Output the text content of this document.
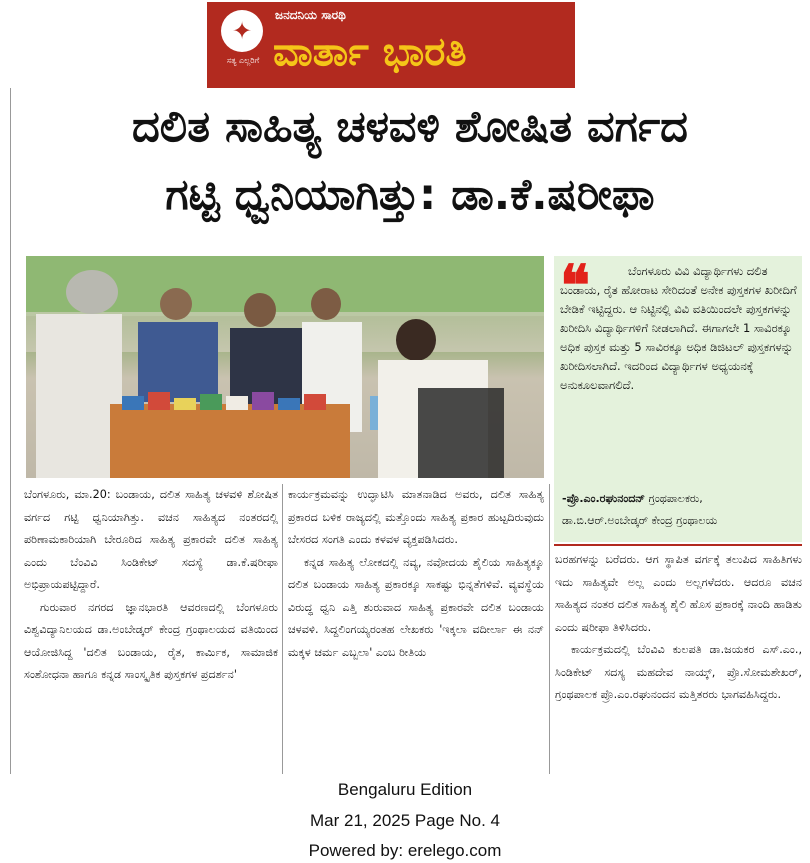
✦
ಸತ್ಯ ಎಲ್ಲರಿಗೆ
ಜನದನಿಯ ಸಾರಥಿ
ವಾರ್ತಾ ಭಾರತಿ
ದಲಿತ ಸಾಹಿತ್ಯ ಚಳವಳಿ ಶೋಷಿತ ವರ್ಗದ
ಗಟ್ಟಿ ಧ್ವನಿಯಾಗಿತ್ತು: ಡಾ.ಕೆ.ಷರೀಫಾ
❝	ಬೆಂಗಳೂರು ವಿವಿ ವಿದ್ಯಾರ್ಥಿಗಳು ದಲಿತ ಬಂಡಾಯ, ರೈತ ಹೋರಾಟ ಸೇರಿದಂತೆ ಅನೇಕ ಪುಸ್ತಕಗಳ ಖರೀದಿಗೆ ಬೇಡಿಕೆ ಇಟ್ಟಿದ್ದರು. ಆ ನಿಟ್ಟಿನಲ್ಲಿ ವಿವಿ ವತಿಯಿಂದಲೇ ಪುಸ್ತಕಗಳನ್ನು ಖರೀದಿಸಿ ವಿದ್ಯಾರ್ಥಿಗಳಿಗೆ ನೀಡಲಾಗಿದೆ. ಈಗಾಗಲೇ 1 ಸಾವಿರಕ್ಕೂ ಅಧಿಕ ಪುಸ್ತಕ ಮತ್ತು 5 ಸಾವಿರಕ್ಕೂ ಅಧಿಕ ಡಿಜಿಟಲ್ ಪುಸ್ತಕಗಳನ್ನು ಖರೀದಿಸಲಾಗಿದೆ. ಇದರಿಂದ ವಿದ್ಯಾರ್ಥಿಗಳ ಅಧ್ಯಯನಕ್ಕೆ ಅನುಕೂಲವಾಗಲಿದೆ.
-ಪ್ರೊ.ಎಂ.ರಘುನಂದನ್ ಗ್ರಂಥಪಾಲಕರು,
ಡಾ.ಬಿ.ಆರ್.ಅಂಬೇಡ್ಕರ್ ಕೇಂದ್ರ ಗ್ರಂಥಾಲಯ

ಬೆಂಗಳೂರು, ಮಾ.20: ಬಂಡಾಯ, ದಲಿತ ಸಾಹಿತ್ಯ ಚಳವಳಿ ಶೋಷಿತ ವರ್ಗದ ಗಟ್ಟಿ ಧ್ವನಿಯಾಗಿತ್ತು. ವಚನ ಸಾಹಿತ್ಯದ ನಂತರದಲ್ಲಿ ಪರಿಣಾಮಕಾರಿಯಾಗಿ ಬೇರೂರಿದ ಸಾಹಿತ್ಯ ಪ್ರಕಾರವೇ ದಲಿತ ಸಾಹಿತ್ಯ ಎಂದು ಬೆಂವಿವಿ ಸಿಂಡಿಕೇಟ್ ಸದಸ್ಯೆ ಡಾ.ಕೆ.ಷರೀಫಾ ಅಭಿಪ್ರಾಯಪಟ್ಟಿದ್ದಾರೆ.

ಗುರುವಾರ ನಗರದ ಜ್ಞಾನಭಾರತಿ ಆವರಣದಲ್ಲಿ ಬೆಂಗಳೂರು ವಿಶ್ವವಿದ್ಯಾನಿಲಯದ ಡಾ.ಅಂಬೇಡ್ಕರ್ ಕೇಂದ್ರ ಗ್ರಂಥಾಲಯದ ವತಿಯಿಂದ ಆಯೋಜಿಸಿದ್ದ 'ದಲಿತ ಬಂಡಾಯ, ರೈತ, ಕಾರ್ಮಿಕ, ಸಾಮಾಜಿಕ ಸಂಶೋಧನಾ ಹಾಗೂ ಕನ್ನಡ ಸಾಂಸ್ಕೃತಿಕ ಪುಸ್ತಕಗಳ ಪ್ರದರ್ಶನ'

ಕಾರ್ಯಕ್ರಮವನ್ನು ಉದ್ಘಾಟಿಸಿ ಮಾತನಾಡಿದ ಅವರು, ದಲಿತ ಸಾಹಿತ್ಯ ಪ್ರಕಾರದ ಬಳಿಕ ರಾಜ್ಯದಲ್ಲಿ ಮತ್ತೊಂದು ಸಾಹಿತ್ಯ ಪ್ರಕಾರ ಹುಟ್ಟದಿರುವುದು ಬೇಸರದ ಸಂಗತಿ ಎಂದು ಕಳವಳ ವ್ಯಕ್ತಪಡಿಸಿದರು.

ಕನ್ನಡ ಸಾಹಿತ್ಯ ಲೋಕದಲ್ಲಿ ನವ್ಯ, ನವೋದಯ ಶೈಲಿಯ ಸಾಹಿತ್ಯಕ್ಕೂ ದಲಿತ ಬಂಡಾಯ ಸಾಹಿತ್ಯ ಪ್ರಕಾರಕ್ಕೂ ಸಾಕಷ್ಟು ಭಿನ್ನತೆಗಳಿವೆ. ವ್ಯವಸ್ಥೆಯ ವಿರುದ್ಧ ಧ್ವನಿ ಎತ್ತಿ ಶುರುವಾದ ಸಾಹಿತ್ಯ ಪ್ರಕಾರವೇ ದಲಿತ ಬಂಡಾಯ ಚಳವಳಿ. ಸಿದ್ದಲಿಂಗಯ್ಯರಂತಹ ಲೇಖಕರು 'ಇಕ್ಕಲಾ ವದೀರ್ಲಾ ಈ ನನ್ ಮಕ್ಕಳ ಚರ್ಮ ಎಬ್ಬಲಾ' ಎಂಬ ರೀತಿಯ

ಬರಹಗಳನ್ನು ಬರೆದರು. ಆಗ ಸ್ಥಾಪಿತ ವರ್ಗಕ್ಕೆ ತಲುಪಿದ ಸಾಹಿತಿಗಳು ಇದು ಸಾಹಿತ್ಯವೇ ಅಲ್ಲ ಎಂದು ಅಲ್ಲಗಳೆದರು. ಆದರೂ ವಚನ ಸಾಹಿತ್ಯದ ನಂತರ ದಲಿತ ಸಾಹಿತ್ಯ ಶೈಲಿ ಹೊಸ ಪ್ರಕಾರಕ್ಕೆ ನಾಂದಿ ಹಾಡಿತು ಎಂದು ಷರೀಫಾ ತಿಳಿಸಿದರು.

ಕಾರ್ಯಕ್ರಮದಲ್ಲಿ ಬೆಂವಿವಿ ಕುಲಪತಿ ಡಾ.ಜಯಕರ ಎಸ್.ಎಂ., ಸಿಂಡಿಕೇಟ್ ಸದಸ್ಯ ಮಹದೇವ ನಾಯ್ಕ್, ಪ್ರೊ.ಸೋಮಶೇಖರ್, ಗ್ರಂಥಪಾಲಕ ಪ್ರೊ.ಎಂ.ರಘುನಂದನ ಮತ್ತಿತರರು ಭಾಗವಹಿಸಿದ್ದರು.

Bengaluru Edition
Mar 21, 2025 Page No. 4
Powered by: erelego.com
